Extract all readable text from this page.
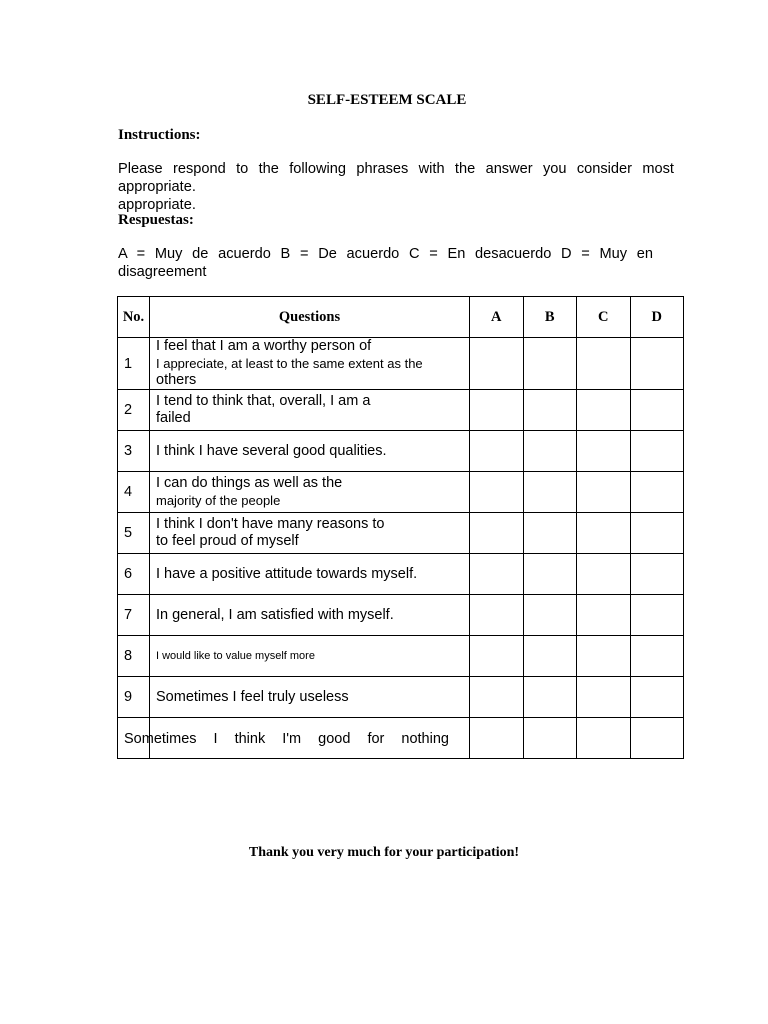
SELF-ESTEEM SCALE
Instructions:
Please respond to the following phrases with the answer you consider most appropriate.
appropriate.
Respuestas:
A = Muy de acuerdo B = De acuerdo C = En desacuerdo D = Muy en
disagreement
No.	Questions	A	B	C	D
1	I feel that I am a worthy person of
I appreciate, at least to the same extent as the
others				

2	I tend to think that, overall, I am a
failed				

3	I think I have several good qualities.				

4	I can do things as well as the
majority of the people				

5	I think I don't have many reasons to
to feel proud of myself				

6	I have a positive attitude towards myself.				

7	In general, I am satisfied with myself.				

8	I would like to value myself more				

9	Sometimes I feel truly useless				

Sometimes I think I'm good for nothing
Thank you very much for your participation!
